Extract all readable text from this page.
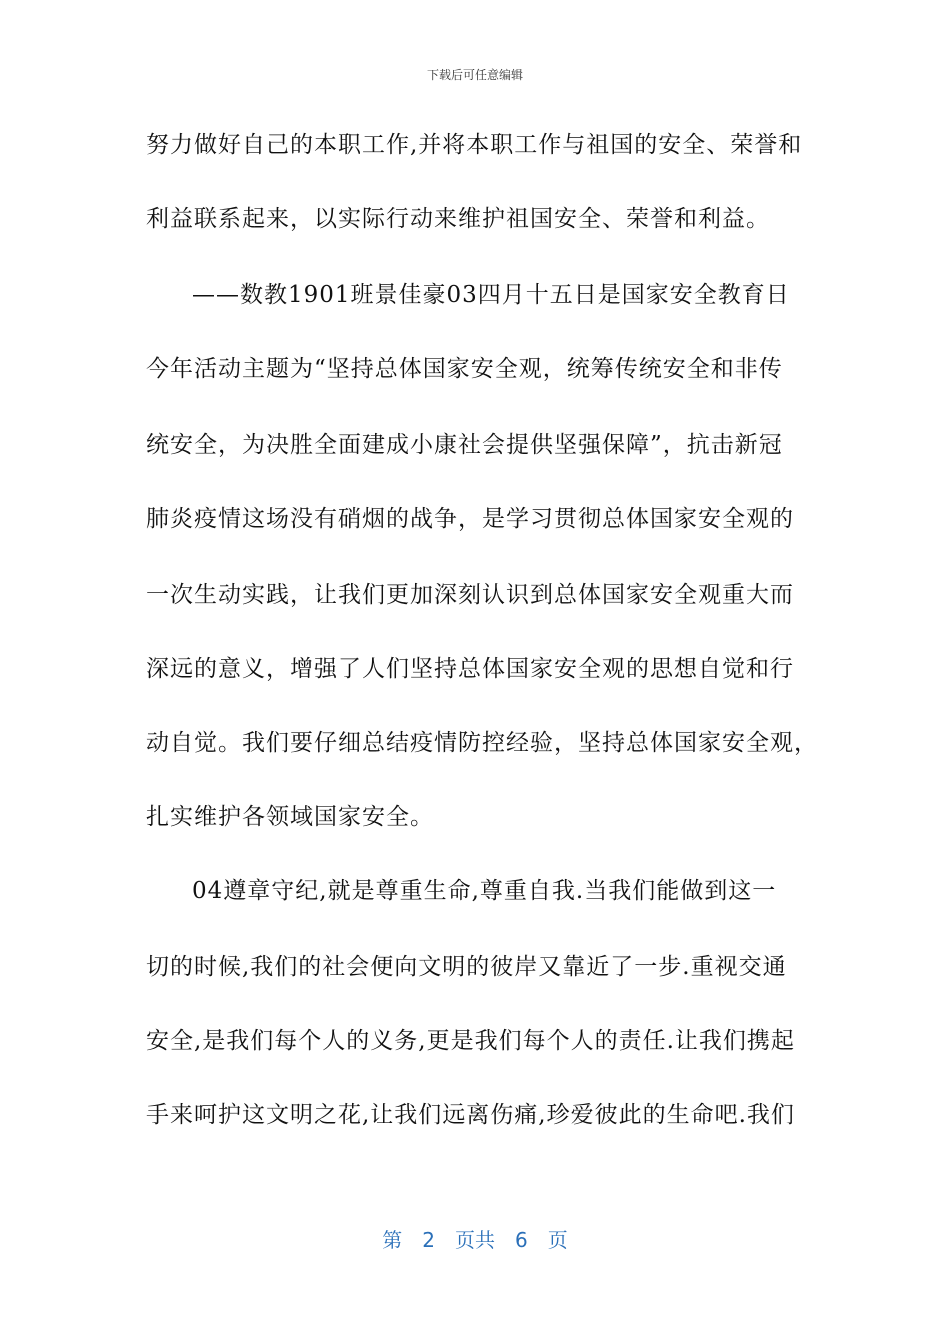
下载后可任意编辑
努力做好自己的本职工作,并将本职工作与祖国的安全、荣誉和
利益联系起来，以实际行动来维护祖国安全、荣誉和利益。
——数教1901班景佳豪03四月十五日是国家安全教育日
今年活动主题为“坚持总体国家安全观，统筹传统安全和非传
统安全，为决胜全面建成小康社会提供坚强保障”，抗击新冠
肺炎疫情这场没有硝烟的战争，是学习贯彻总体国家安全观的
一次生动实践，让我们更加深刻认识到总体国家安全观重大而
深远的意义，增强了人们坚持总体国家安全观的思想自觉和行
动自觉。我们要仔细总结疫情防控经验，坚持总体国家安全观，
扎实维护各领域国家安全。
04遵章守纪,就是尊重生命,尊重自我.当我们能做到这一
切的时候,我们的社会便向文明的彼岸又靠近了一步.重视交通
安全,是我们每个人的义务,更是我们每个人的责任.让我们携起
手来呵护这文明之花,让我们远离伤痛,珍爱彼此的生命吧.我们
第 2 页共 6 页
